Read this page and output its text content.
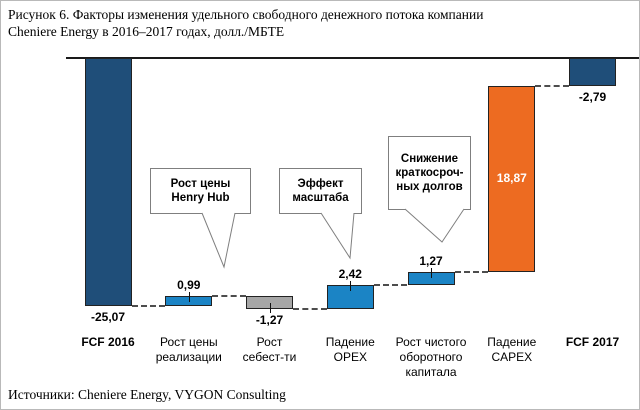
Рисунок 6. Факторы изменения удельного свободного денежного потока компании
Cheniere Energy в 2016–2017 годах, долл./МБТЕ
-25,07
FCF 2016
0,99
Рост цены
реализации
-1,27
Рост
себест-ти
2,42
Падение
OPEX
1,27
Рост чистого
оборотного
капитала
18,87
Падение
CAPEX
-2,79
FCF 2017
Рост цены
Henry Hub
Эффект
масштаба
Снижение
краткосроч-
ных долгов
Источники: Cheniere Energy, VYGON Consulting
